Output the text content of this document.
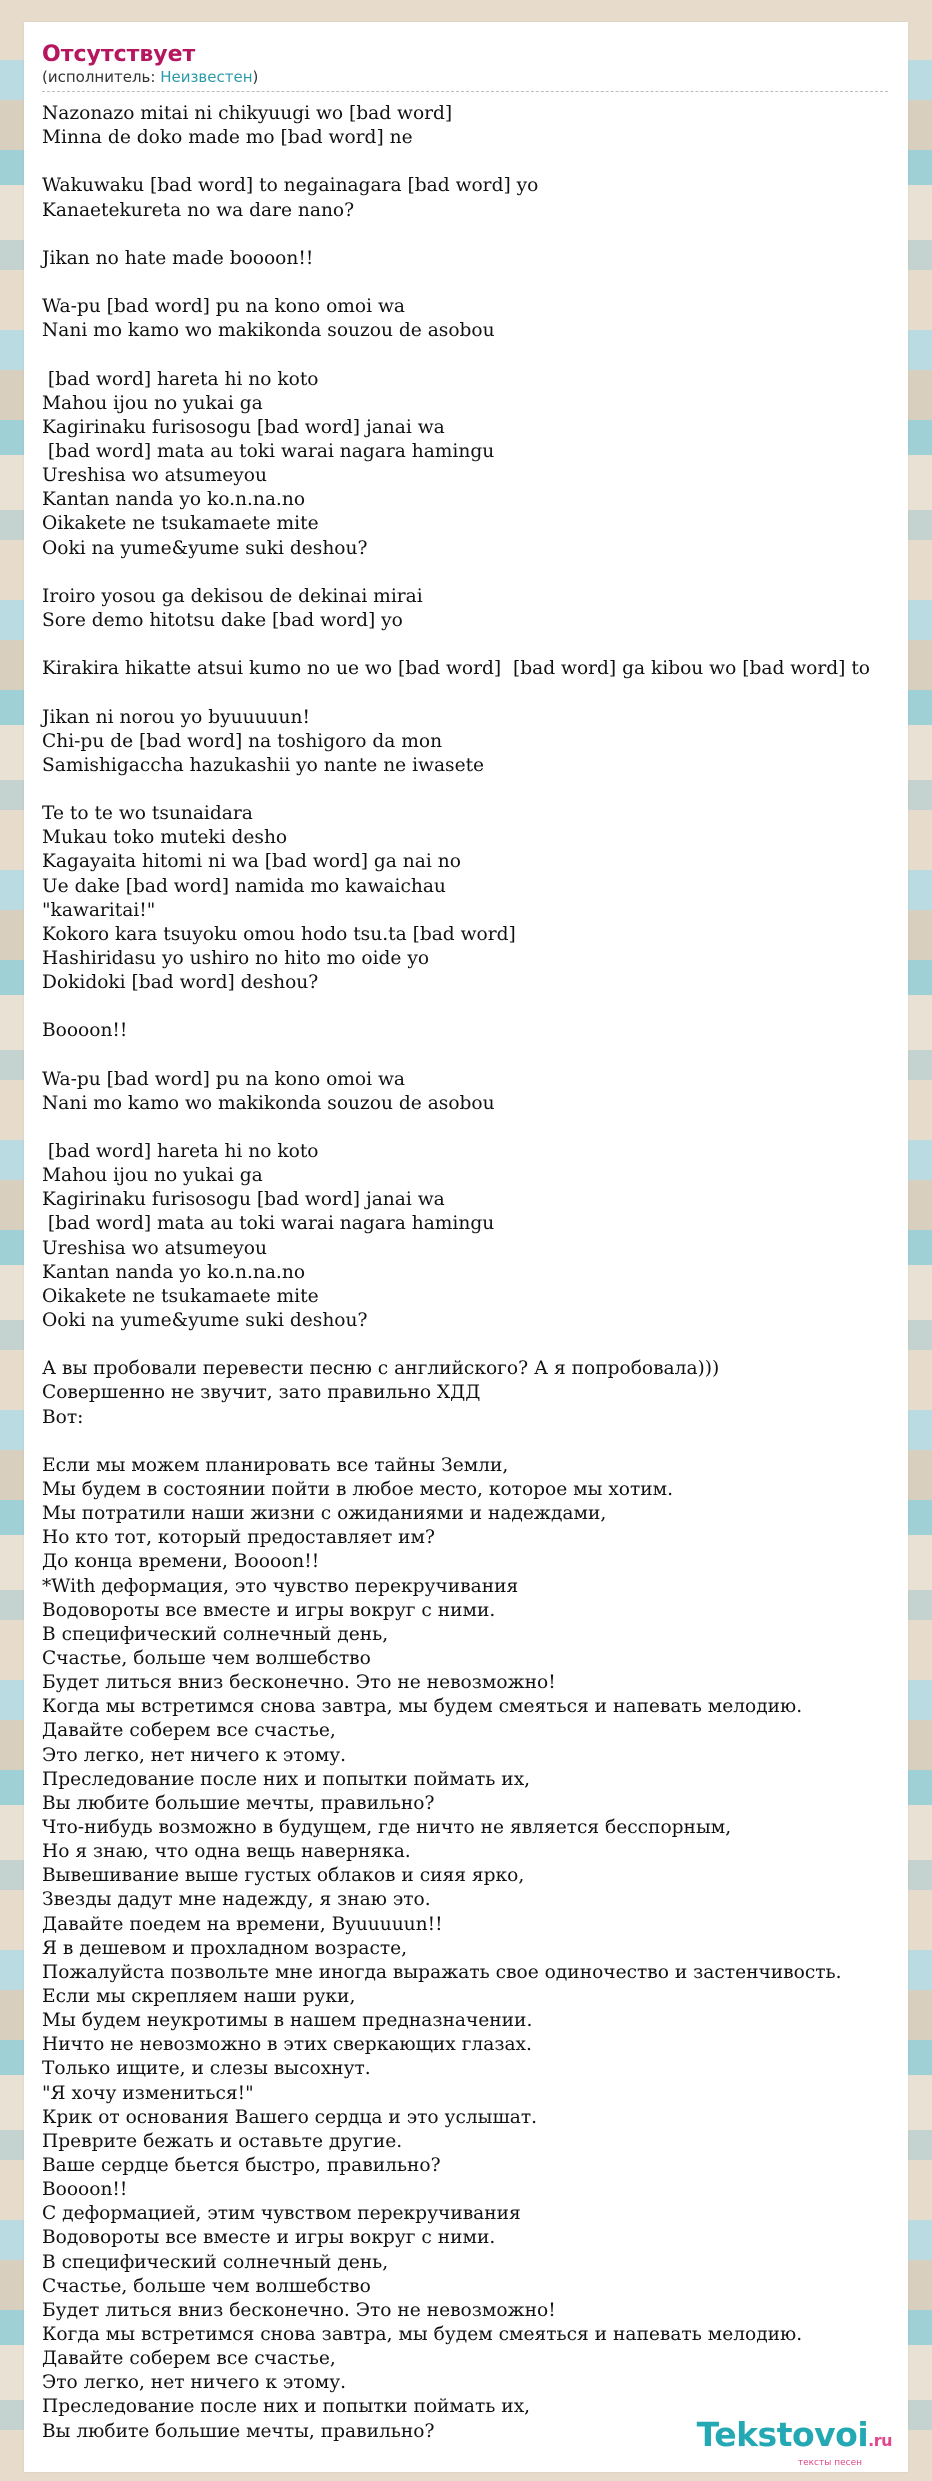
Отсутствует
(исполнитель: Неизвестен)
Nazonazo mitai ni chikyuugi wo [bad word]
Minna de doko made mo [bad word] ne
Wakuwaku [bad word] to negainagara [bad word] yo
Kanaetekureta no wa dare nano?
Jikan no hate made boooon!!
Wa-pu [bad word] pu na kono omoi wa
Nani mo kamo wo makikonda souzou de asobou
[bad word] hareta hi no koto
Mahou ijou no yukai ga
Kagirinaku furisosogu [bad word] janai wa
[bad word] mata au toki warai nagara hamingu
Ureshisa wo atsumeyou
Kantan nanda yo ko.n.na.no
Oikakete ne tsukamaete mite
Ooki na yume&yume suki deshou?
Iroiro yosou ga dekisou de dekinai mirai
Sore demo hitotsu dake [bad word] yo
Kirakira hikatte atsui kumo no ue wo [bad word]  [bad word] ga kibou wo [bad word] to
Jikan ni norou yo byuuuuun!
Chi-pu de [bad word] na toshigoro da mon
Samishigaccha hazukashii yo nante ne iwasete
Te to te wo tsunaidara
Mukau toko muteki desho
Kagayaita hitomi ni wa [bad word] ga nai no
Ue dake [bad word] namida mo kawaichau
"kawaritai!"
Kokoro kara tsuyoku omou hodo tsu.ta [bad word]
Hashiridasu yo ushiro no hito mo oide yo
Dokidoki [bad word] deshou?
Boooon!!
Wa-pu [bad word] pu na kono omoi wa
Nani mo kamo wo makikonda souzou de asobou
[bad word] hareta hi no koto
Mahou ijou no yukai ga
Kagirinaku furisosogu [bad word] janai wa
[bad word] mata au toki warai nagara hamingu
Ureshisa wo atsumeyou
Kantan nanda yo ko.n.na.no
Oikakete ne tsukamaete mite
Ooki na yume&yume suki deshou?
А вы пробовали перевести песню с английского? А я попробовала)))
Совершенно не звучит, зато правильно ХДД
Вот:
Если мы можем планировать все тайны Земли,
Мы будем в состоянии пойти в любое место, которое мы хотим.
Мы потратили наши жизни с ожиданиями и надеждами,
Но кто тот, который предоставляет им?
До конца времени, Boooon!!
*With деформация, это чувство перекручивания
Водовороты все вместе и игры вокруг с ними.
В специфический солнечный день,
Счастье, больше чем волшебство
Будет литься вниз бесконечно. Это не невозможно!
Когда мы встретимся снова завтра, мы будем смеяться и напевать мелодию.
Давайте соберем все счастье,
Это легко, нет ничего к этому.
Преследование после них и попытки поймать их,
Вы любите большие мечты, правильно?
Что-нибудь возможно в будущем, где ничто не является бесспорным,
Но я знаю, что одна вещь наверняка.
Вывешивание выше густых облаков и сияя ярко,
Звезды дадут мне надежду, я знаю это.
Давайте поедем на времени, Byuuuuun!!
Я в дешевом и прохладном возрасте,
Пожалуйста позвольте мне иногда выражать свое одиночество и застенчивость.
Если мы скрепляем наши руки,
Мы будем неукротимы в нашем предназначении.
Ничто не невозможно в этих сверкающих глазах.
Только ищите, и слезы высохнут.
"Я хочу измениться!"
Крик от основания Вашего сердца и это услышат.
Преврите бежать и оставьте другие.
Ваше сердце бьется быстро, правильно?
Boooon!!
С деформацией, этим чувством перекручивания
Водовороты все вместе и игры вокруг с ними.
В специфический солнечный день,
Счастье, больше чем волшебство
Будет литься вниз бесконечно. Это не невозможно!
Когда мы встретимся снова завтра, мы будем смеяться и напевать мелодию.
Давайте соберем все счастье,
Это легко, нет ничего к этому.
Преследование после них и попытки поймать их,
Вы любите большие мечты, правильно?	Tekstovoi.ru
тексты песен
